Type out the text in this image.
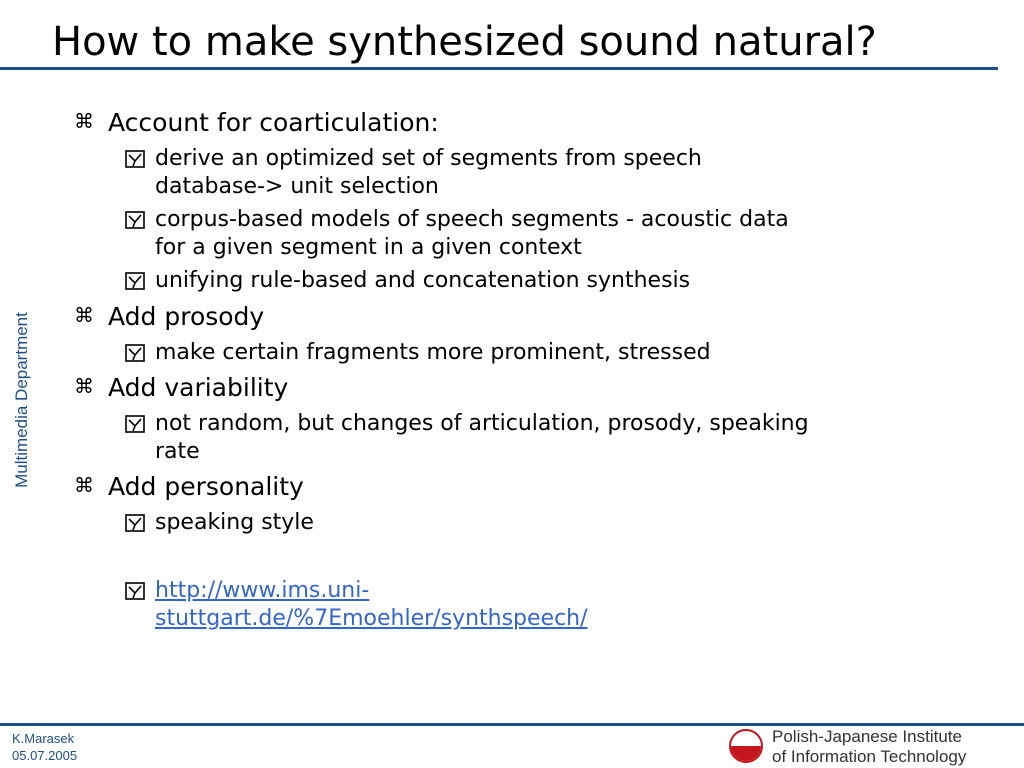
How to make synthesized sound natural?
Multimedia Department
⌘ Account for coarticulation:
derive an optimized set of segments from speech
database-> unit selection
corpus-based models of speech segments - acoustic data
for a given segment in a given context
unifying rule-based and concatenation synthesis
⌘ Add prosody
make certain fragments more prominent, stressed
⌘ Add variability
not random, but changes of articulation, prosody, speaking
rate
⌘ Add personality
speaking style
http://www.ims.uni-
stuttgart.de/%7Emoehler/synthspeech/
K.Marasek
05.07.2005
Polish-Japanese Institute
of Information Technology
